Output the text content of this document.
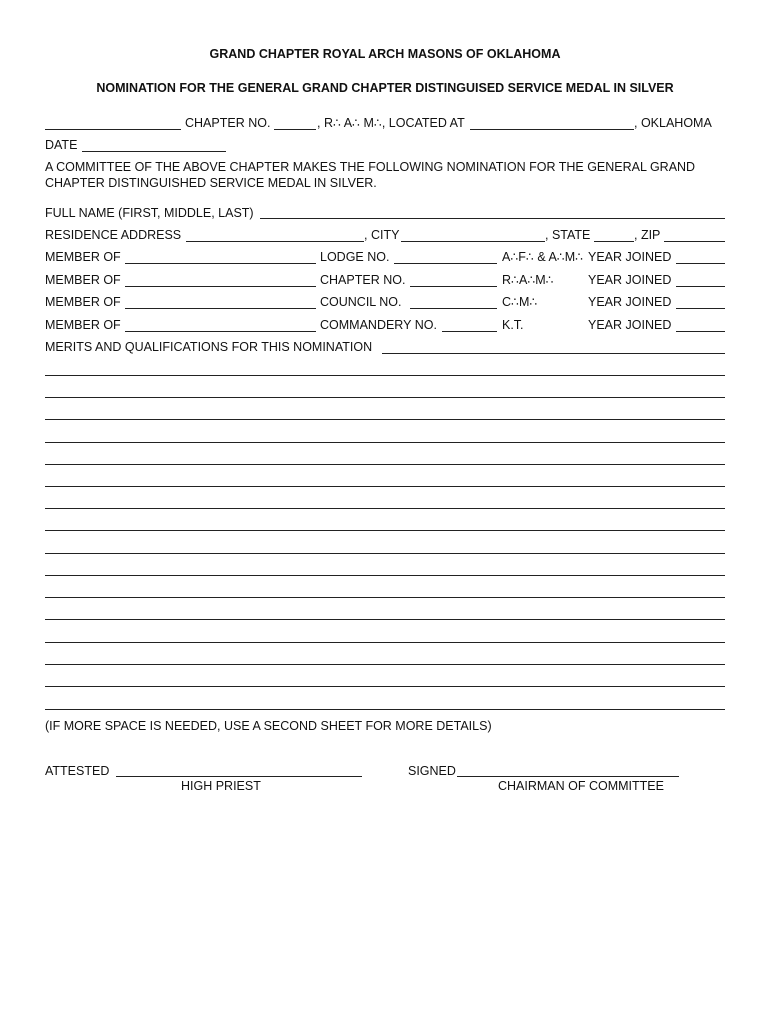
GRAND CHAPTER ROYAL ARCH MASONS OF OKLAHOMA
NOMINATION FOR THE GENERAL GRAND CHAPTER DISTINGUISED SERVICE MEDAL IN SILVER
CHAPTER NO.	, R∴ A∴ M∴, LOCATED AT	, OKLAHOMA
DATE
A COMMITTEE OF THE ABOVE CHAPTER MAKES THE FOLLOWING NOMINATION FOR THE GENERAL GRAND
CHAPTER DISTINGUISHED SERVICE MEDAL IN SILVER.
FULL NAME (FIRST, MIDDLE, LAST)
RESIDENCE ADDRESS	, CITY	, STATE	, ZIP
MEMBER OF	LODGE NO.	A∴F∴ & A∴M∴ YEAR JOINED
MEMBER OF	CHAPTER NO.	R∴A∴M∴	YEAR JOINED
MEMBER OF	COUNCIL NO.	C∴M∴	YEAR JOINED
MEMBER OF	COMMANDERY NO.	K.T.	YEAR JOINED
MERITS AND QUALIFICATIONS FOR THIS NOMINATION
(IF MORE SPACE IS NEEDED, USE A SECOND SHEET FOR MORE DETAILS)
ATTESTED
HIGH PRIEST
SIGNED
CHAIRMAN OF COMMITTEE
